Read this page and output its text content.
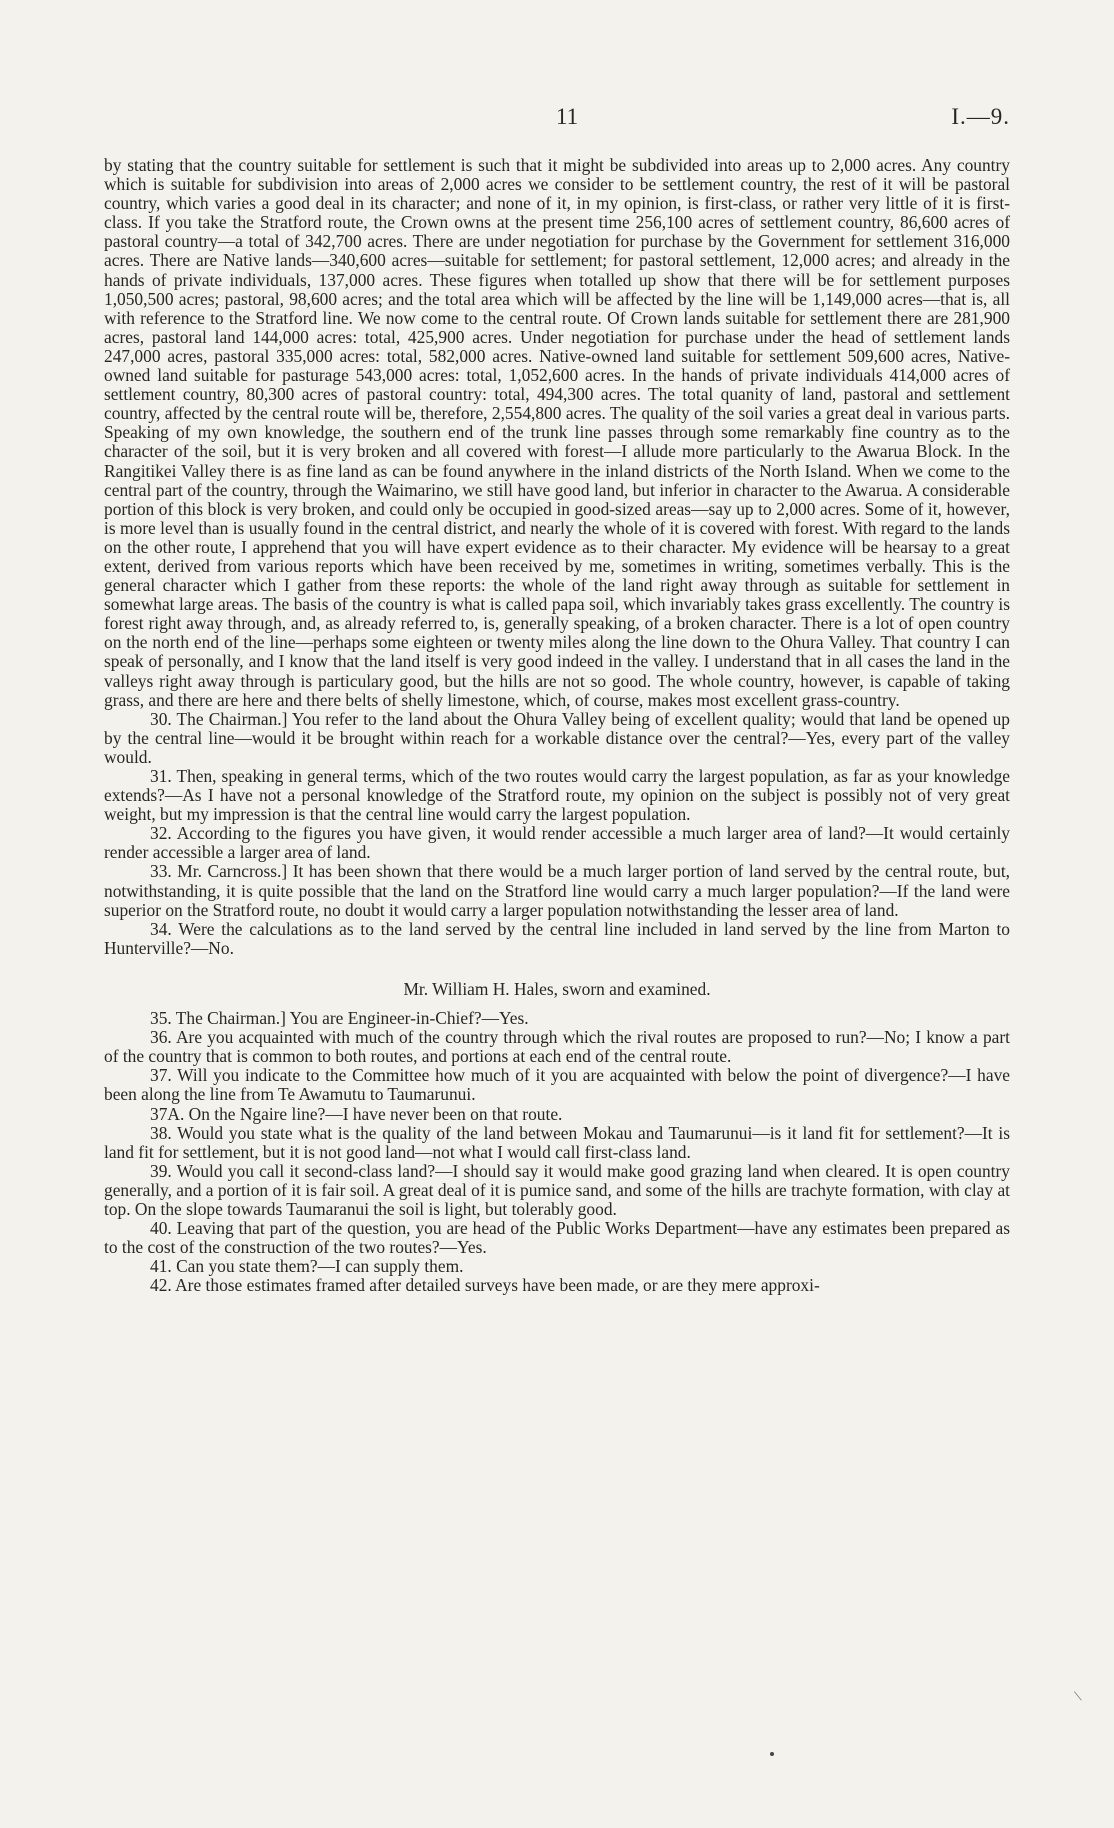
11	I.—9.

by stating that the country suitable for settlement is such that it might be subdivided into areas up to 2,000 acres. Any country which is suitable for subdivision into areas of 2,000 acres we consider to be settlement country, the rest of it will be pastoral country, which varies a good deal in its character; and none of it, in my opinion, is first-class, or rather very little of it is first-class. If you take the Stratford route, the Crown owns at the present time 256,100 acres of settlement country, 86,600 acres of pastoral country—a total of 342,700 acres. There are under negotiation for purchase by the Government for settlement 316,000 acres. There are Native lands—340,600 acres—suitable for settlement; for pastoral settlement, 12,000 acres; and already in the hands of private individuals, 137,000 acres. These figures when totalled up show that there will be for settlement purposes 1,050,500 acres; pastoral, 98,600 acres; and the total area which will be affected by the line will be 1,149,000 acres—that is, all with reference to the Stratford line. We now come to the central route. Of Crown lands suitable for settlement there are 281,900 acres, pastoral land 144,000 acres: total, 425,900 acres. Under negotiation for purchase under the head of settlement lands 247,000 acres, pastoral 335,000 acres: total, 582,000 acres. Native-owned land suitable for settlement 509,600 acres, Native-owned land suitable for pasturage 543,000 acres: total, 1,052,600 acres. In the hands of private individuals 414,000 acres of settlement country, 80,300 acres of pastoral country: total, 494,300 acres. The total quanity of land, pastoral and settlement country, affected by the central route will be, therefore, 2,554,800 acres. The quality of the soil varies a great deal in various parts. Speaking of my own knowledge, the southern end of the trunk line passes through some remarkably fine country as to the character of the soil, but it is very broken and all covered with forest—I allude more particularly to the Awarua Block. In the Rangitikei Valley there is as fine land as can be found anywhere in the inland districts of the North Island. When we come to the central part of the country, through the Waimarino, we still have good land, but inferior in character to the Awarua. A considerable portion of this block is very broken, and could only be occupied in good-sized areas—say up to 2,000 acres. Some of it, however, is more level than is usually found in the central district, and nearly the whole of it is covered with forest. With regard to the lands on the other route, I apprehend that you will have expert evidence as to their character. My evidence will be hearsay to a great extent, derived from various reports which have been received by me, sometimes in writing, sometimes verbally. This is the general character which I gather from these reports: the whole of the land right away through as suitable for settlement in somewhat large areas. The basis of the country is what is called papa soil, which invariably takes grass excellently. The country is forest right away through, and, as already referred to, is, generally speaking, of a broken character. There is a lot of open country on the north end of the line—perhaps some eighteen or twenty miles along the line down to the Ohura Valley. That country I can speak of personally, and I know that the land itself is very good indeed in the valley. I understand that in all cases the land in the valleys right away through is particulary good, but the hills are not so good. The whole country, however, is capable of taking grass, and there are here and there belts of shelly limestone, which, of course, makes most excellent grass-country.

30. The Chairman.] You refer to the land about the Ohura Valley being of excellent quality; would that land be opened up by the central line—would it be brought within reach for a workable distance over the central?—Yes, every part of the valley would.

31. Then, speaking in general terms, which of the two routes would carry the largest population, as far as your knowledge extends?—As I have not a personal knowledge of the Stratford route, my opinion on the subject is possibly not of very great weight, but my impression is that the central line would carry the largest population.

32. According to the figures you have given, it would render accessible a much larger area of land?—It would certainly render accessible a larger area of land.

33. Mr. Carncross.] It has been shown that there would be a much larger portion of land served by the central route, but, notwithstanding, it is quite possible that the land on the Stratford line would carry a much larger population?—If the land were superior on the Stratford route, no doubt it would carry a larger population notwithstanding the lesser area of land.

34. Were the calculations as to the land served by the central line included in land served by the line from Marton to Hunterville?—No.

Mr. William H. Hales, sworn and examined.

35. The Chairman.] You are Engineer-in-Chief?—Yes.

36. Are you acquainted with much of the country through which the rival routes are proposed to run?—No; I know a part of the country that is common to both routes, and portions at each end of the central route.

37. Will you indicate to the Committee how much of it you are acquainted with below the point of divergence?—I have been along the line from Te Awamutu to Taumarunui.

37A. On the Ngaire line?—I have never been on that route.

38. Would you state what is the quality of the land between Mokau and Taumarunui—is it land fit for settlement?—It is land fit for settlement, but it is not good land—not what I would call first-class land.

39. Would you call it second-class land?—I should say it would make good grazing land when cleared. It is open country generally, and a portion of it is fair soil. A great deal of it is pumice sand, and some of the hills are trachyte formation, with clay at top. On the slope towards Taumaranui the soil is light, but tolerably good.

40. Leaving that part of the question, you are head of the Public Works Department—have any estimates been prepared as to the cost of the construction of the two routes?—Yes.

41. Can you state them?—I can supply them.

42. Are those estimates framed after detailed surveys have been made, or are they mere approxi-

\
